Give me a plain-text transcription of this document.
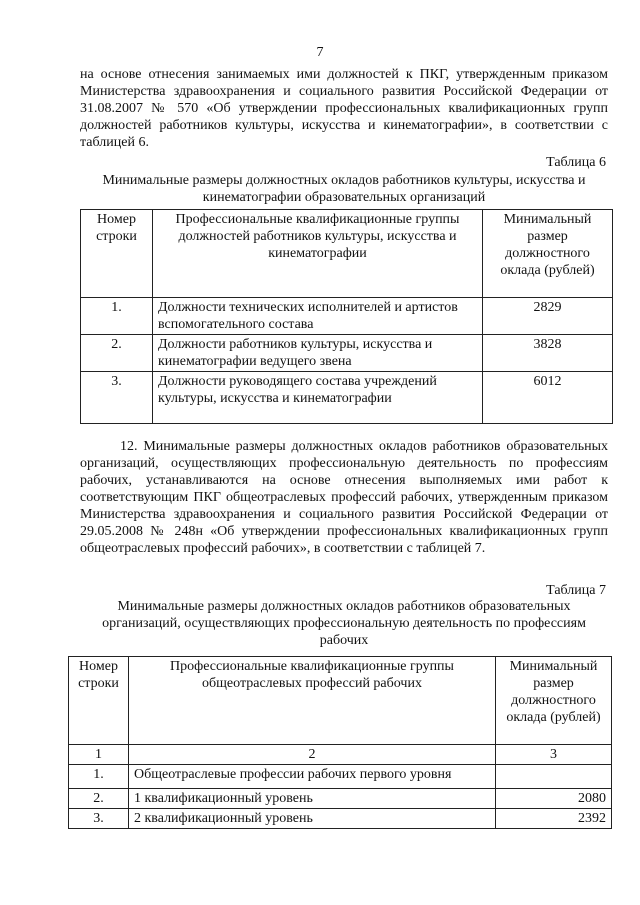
7

на основе отнесения занимаемых ими должностей к ПКГ, утвержденным приказом Министерства здравоохранения и социального развития Российской Федерации от 31.08.2007 № 570 «Об утверждении профессиональных квалификационных групп должностей работников культуры, искусства и кинематографии», в соответствии с таблицей 6.

Таблица 6

Минимальные размеры должностных окладов работников культуры, искусства и кинематографии образовательных организаций

Номер строки	Профессиональные квалификационные группы должностей работников культуры, искусства и кинематографии	Минимальный размер должностного оклада (рублей)
1.	Должности технических исполнителей и артистов вспомогательного состава	2829
2.	Должности работников культуры, искусства и кинематографии ведущего звена	3828
3.	Должности руководящего состава учреждений культуры, искусства и кинематографии	6012

12. Минимальные размеры должностных окладов работников образовательных организаций, осуществляющих профессиональную деятельность по профессиям рабочих, устанавливаются на основе отнесения выполняемых ими работ к соответствующим ПКГ общеотраслевых профессий рабочих, утвержденным приказом Министерства здравоохранения и социального развития Российской Федерации от 29.05.2008 № 248н «Об утверждении профессиональных квалификационных групп общеотраслевых профессий рабочих», в соответствии с таблицей 7.

Таблица 7

Минимальные размеры должностных окладов работников образовательных организаций, осуществляющих профессиональную деятельность по профессиям рабочих

Номер строки	Профессиональные квалификационные группы общеотраслевых профессий рабочих	Минимальный размер должностного оклада (рублей)
1	2	3
1.	Общеотраслевые профессии рабочих первого уровня	
2.	1 квалификационный уровень	2080
3.	2 квалификационный уровень	2392
